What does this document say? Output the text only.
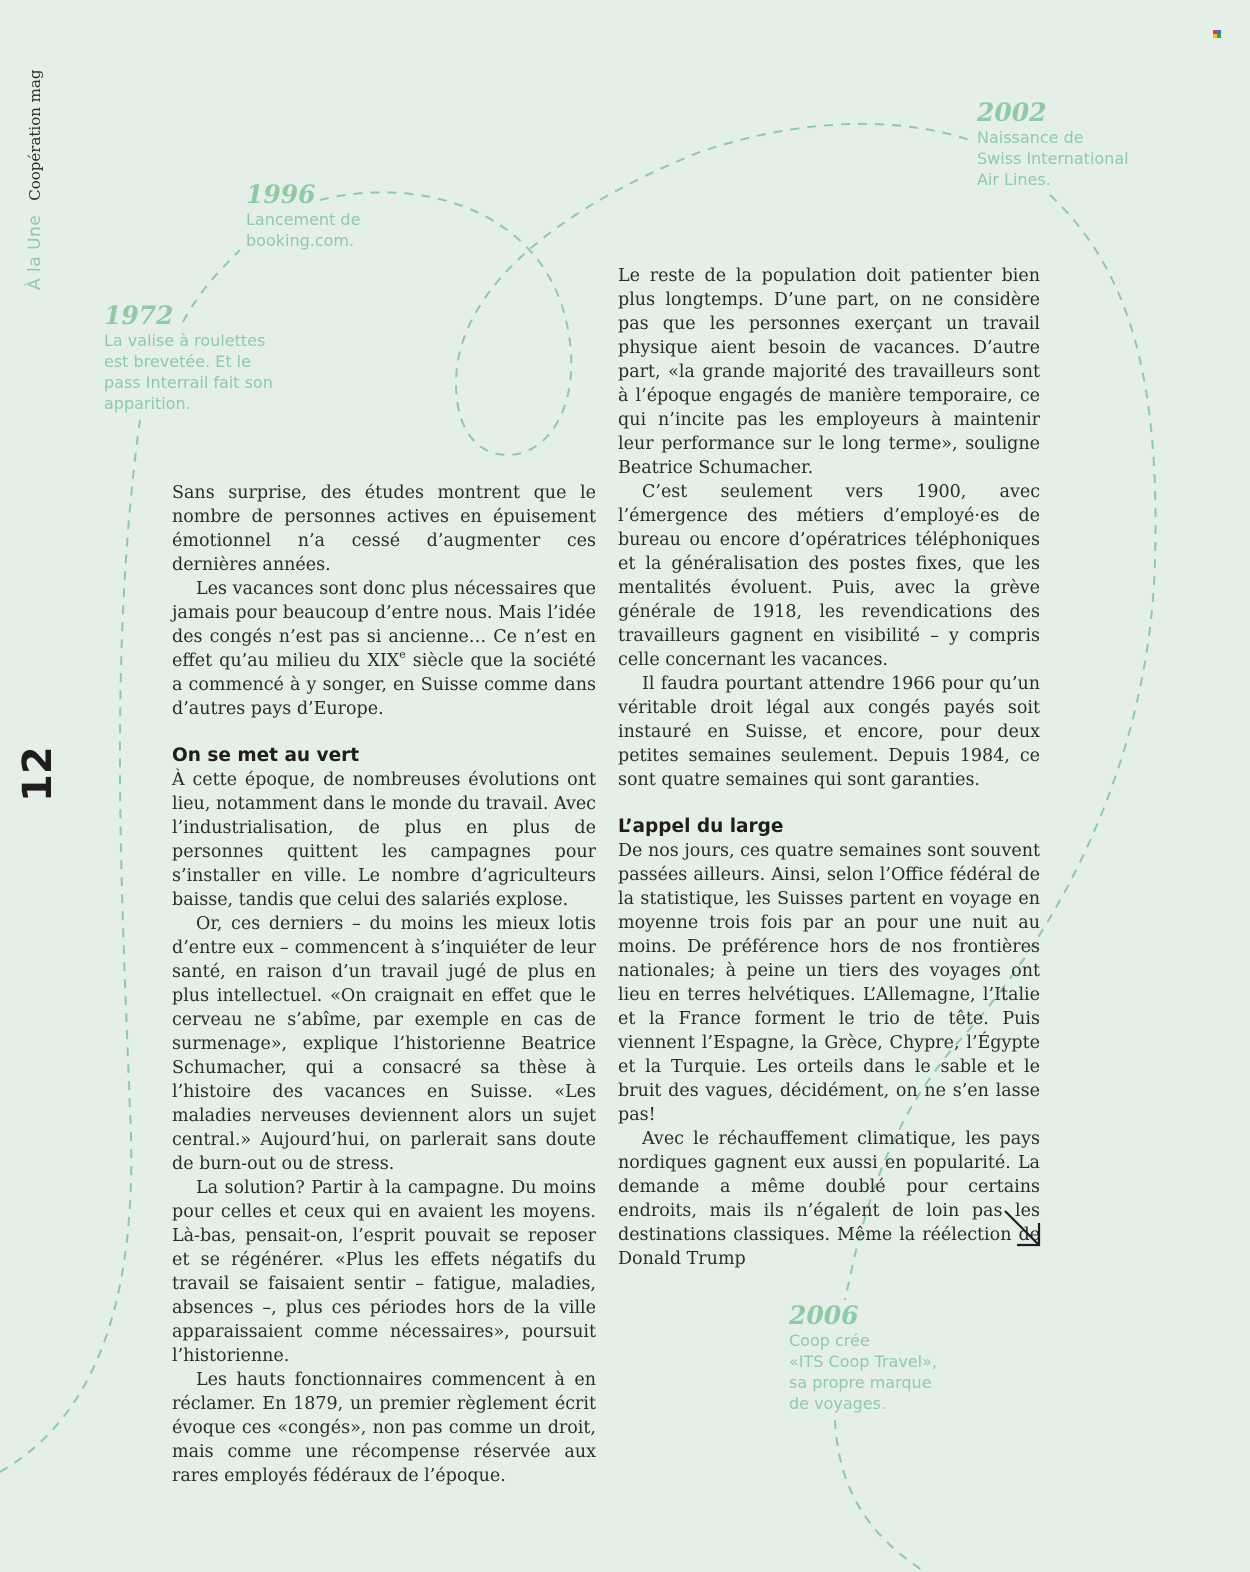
À la UneCoopération mag
12
1972
La valise à roulettes
est brevetée. Et le
pass Interrail fait son
apparition.
1996
Lancement de
booking.com.
2002
Naissance de
Swiss International
Air Lines.
2006
Coop crée
«ITS Coop Travel»,
sa propre marque
de voyages.

Sans surprise, des études montrent que le nombre de personnes actives en épuisement émotionnel n’a cessé d’augmenter ces dernières années.

Les vacances sont donc plus nécessaires que jamais pour beaucoup d’entre nous. Mais l’idée des congés n’est pas si ancienne… Ce n’est en effet qu’au milieu du XIXe siècle que la société a commencé à y songer, en Suisse comme dans d’autres pays d’Europe.

On se met au vert

À cette époque, de nombreuses évolutions ont lieu, notamment dans le monde du travail. Avec l’industrialisation, de plus en plus de personnes quittent les campagnes pour s’installer en ville. Le nombre d’agriculteurs baisse, tandis que celui des salariés explose.

Or, ces derniers – du moins les mieux lotis d’entre eux – commencent à s’inquiéter de leur santé, en raison d’un travail jugé de plus en plus intellectuel. «On craignait en effet que le cerveau ne s’abîme, par exemple en cas de surmenage», explique l’historienne Beatrice Schumacher, qui a consacré sa thèse à l’histoire des vacances en Suisse. «Les maladies nerveuses deviennent alors un sujet central.» Aujourd’hui, on parlerait sans doute de burn-out ou de stress.

La solution? Partir à la campagne. Du moins pour celles et ceux qui en avaient les moyens. Là-bas, pensait-on, l’esprit pouvait se reposer et se régénérer. «Plus les effets négatifs du travail se faisaient sentir – fatigue, maladies, absences –, plus ces périodes hors de la ville apparaissaient comme nécessaires», poursuit l’historienne.

Les hauts fonctionnaires commencent à en réclamer. En 1879, un premier règlement écrit évoque ces «congés», non pas comme un droit, mais comme une récompense réservée aux rares employés fédéraux de l’époque.

Le reste de la population doit patienter bien plus longtemps. D’une part, on ne considère pas que les personnes exerçant un travail physique aient besoin de vacances. D’autre part, «la grande majorité des travailleurs sont à l’époque engagés de manière temporaire, ce qui n’incite pas les employeurs à maintenir leur performance sur le long terme», souligne Beatrice Schumacher.

C’est seulement vers 1900, avec l’émergence des métiers d’employé·es de bureau ou encore d’opératrices téléphoniques et la généralisation des postes fixes, que les mentalités évoluent. Puis, avec la grève générale de 1918, les revendications des travailleurs gagnent en visibilité – y compris celle concernant les vacances.

Il faudra pourtant attendre 1966 pour qu’un véritable droit légal aux congés payés soit instauré en Suisse, et encore, pour deux petites semaines seulement. Depuis 1984, ce sont quatre semaines qui sont garanties.

L’appel du large

De nos jours, ces quatre semaines sont souvent passées ailleurs. Ainsi, selon l’Office fédéral de la statistique, les Suisses partent en voyage en moyenne trois fois par an pour une nuit au moins. De préférence hors de nos frontières nationales; à peine un tiers des voyages ont lieu en terres helvétiques. L’Allemagne, l’Italie et la France forment le trio de tête. Puis viennent l’Espagne, la Grèce, Chypre, l’Égypte et la Turquie. Les orteils dans le sable et le bruit des vagues, décidément, on ne s’en lasse pas!

Avec le réchauffement climatique, les pays nordiques gagnent eux aussi en popularité. La demande a même doublé pour certains endroits, mais ils n’égalent de loin pas les destinations classiques. Même la réélection de Donald Trump
